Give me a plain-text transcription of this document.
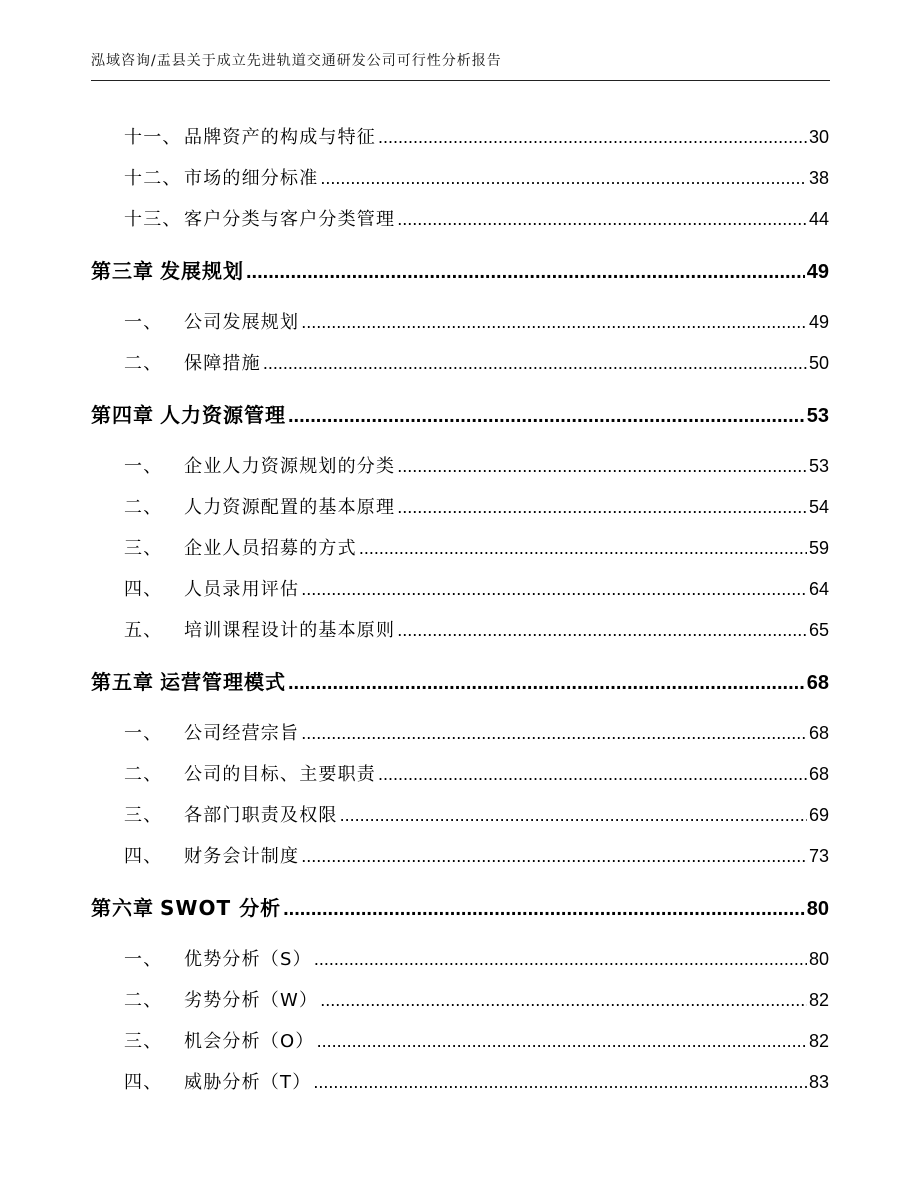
泓域咨询/盂县关于成立先进轨道交通研发公司可行性分析报告
十一、 品牌资产的构成与特征 .....	30
十二、 市场的细分标准 .....	38
十三、 客户分类与客户分类管理 .....	44
第三章 发展规划 .....	49
一、	公司发展规划 .....	49
二、	保障措施 .....	50
第四章 人力资源管理 .....	53
一、	企业人力资源规划的分类 .....	53
二、	人力资源配置的基本原理 .....	54
三、	企业人员招募的方式 .....	59
四、	人员录用评估 .....	64
五、	培训课程设计的基本原则 .....	65
第五章 运营管理模式 .....	68
一、	公司经营宗旨 .....	68
二、	公司的目标、主要职责 .....	68
三、	各部门职责及权限 .....	69
四、	财务会计制度 .....	73
第六章 SWOT 分析 .....	80
一、	优势分析（S） .....	80
二、	劣势分析（W） .....	82
三、	机会分析（O） .....	82
四、	威胁分析（T） .....	83
